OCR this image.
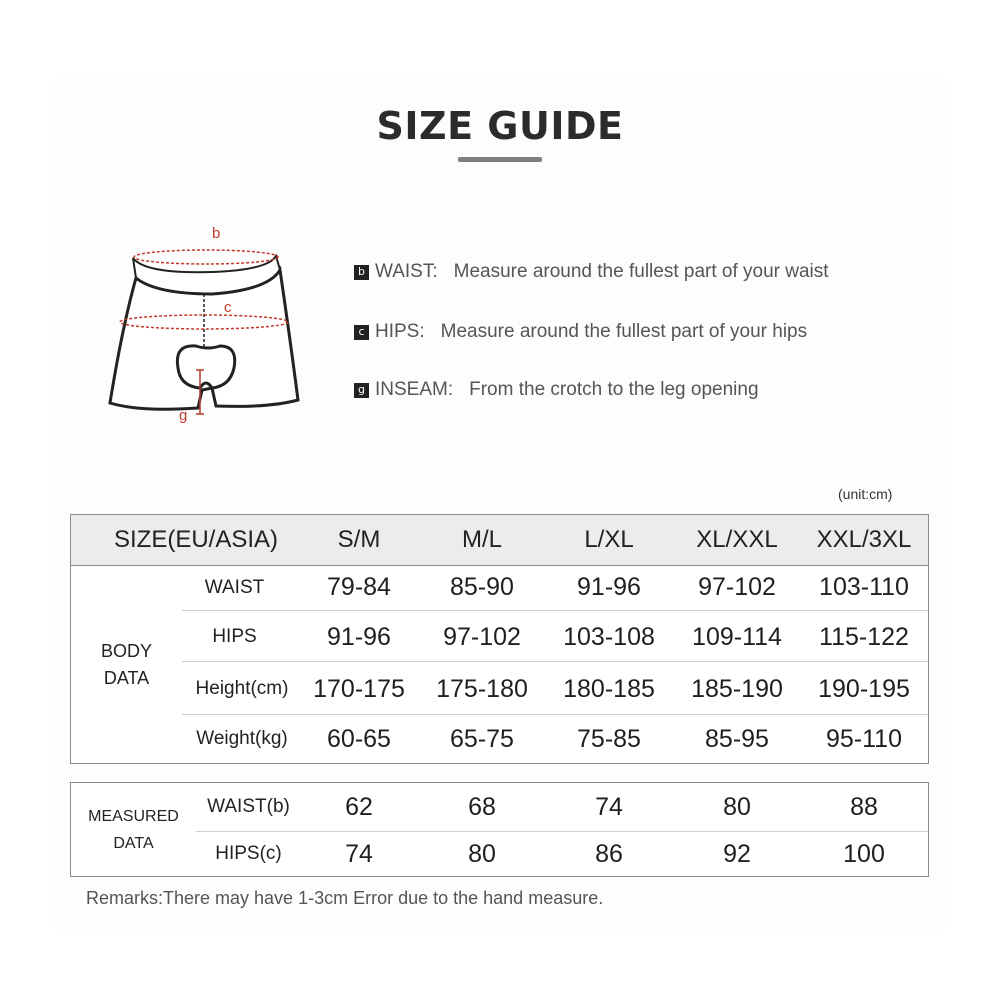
SIZE GUIDE
b
c
g
b WAIST: Measure around the fullest part of your waist
c HIPS: Measure around the fullest part of your hips
g INSEAM: From the crotch to the leg opening
(unit:cm)
SIZE(EU/ASIA)	S/M	M/L	L/XL	XL/XXL	XXL/3XL
BODY
DATA
WAIST	79-84	85-90	91-96	97-102	103-110
HIPS	91-96	97-102	103-108	109-114	115-122
Height(cm) 170-175	175-180	180-185	185-190	190-195
Weight(kg)	60-65	65-75	75-85	85-95	95-110
MEASURED
DATA
WAIST(b)	62	68	74	80	88
HIPS(c)	74	80	86	92	100
Remarks:There may have 1-3cm Error due to the hand measure.
